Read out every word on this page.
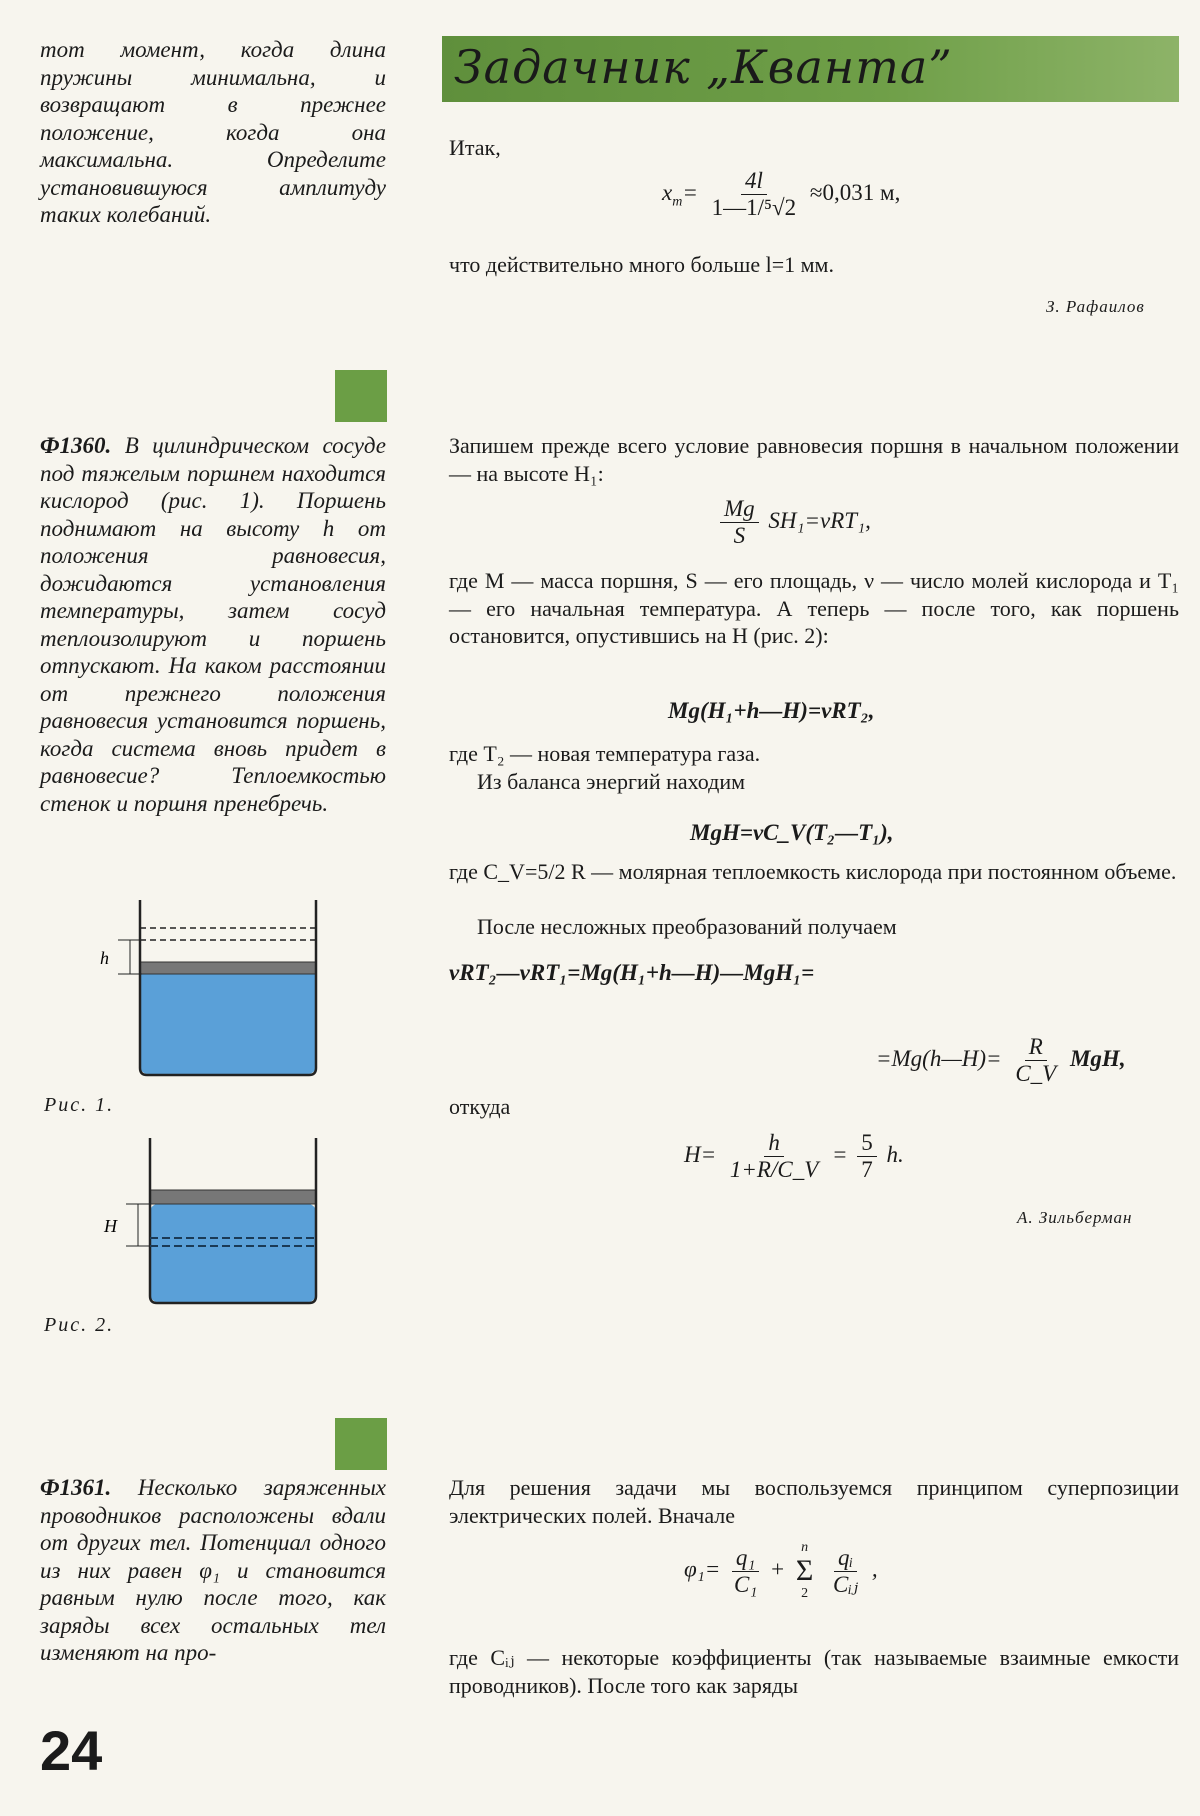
Задачник „Кванта”
тот момент, когда длина пружины минимальна, и возвращают в прежнее положение, когда она максимальна. Определите установившуюся амплитуду таких колебаний.
Итак,
$x_m= \frac{4l}{\text{1—1/⁵√2}} \approx 0,031$ м,
что действительно много больше l=1 мм.
З. Рафаилов
Ф1360. В цилиндрическом сосуде под тяжелым поршнем находится кислород (рис. 1). Поршень поднимают на высоту h от положения равновесия, дожидаются установления температуры, затем сосуд теплоизолируют и поршень отпускают. На каком расстоянии от прежнего положения равновесия установится поршень, когда система вновь придет в равновесие? Теплоемкостью стенок и поршня пренебречь.
Запишем прежде всего условие равновесия поршня в начальном положении — на высоте H₁:
$\frac{Mg}{S} SH_1=\nu RT_1$,
где M — масса поршня, S — его площадь, ν — число молей кислорода и T₁ — его начальная температура. А теперь — после того, как поршень остановится, опустившись на H (рис. 2):
Mg(H₁+h—H)=νRT₂,
где T₂ — новая температура газа.
Из баланса энергий находим
MgH=νC_V(T₂—T₁),
где C_V=5/2 R — молярная теплоемкость кислорода при постоянном объеме.
После несложных преобразований получаем
νRT₂—νRT₁=Mg(H₁+h—H)—MgH₁=
=Mg(h—H)= $\frac{R}{C\_V}$ MgH,
откуда
$H= \frac{h}{1+R/C\_V} = \frac{5}{7} h$.
А. Зильберман
h
Рис. 1.
H
Рис. 2.
Ф1361. Несколько заряженных проводников расположены вдали от других тел. Потенциал одного из них равен φ₁ и становится равным нулю после того, как заряды всех остальных тел изменяют на про-
Для решения задачи мы воспользуемся принципом суперпозиции электрических полей. Вначале
$\varphi_1= \frac{\text{q₁}}{\text{C₁}}$ +
n
Σ
2
$\frac{\text{qᵢ}}{\text{Cᵢⱼ}}$ ,
где Cᵢⱼ — некоторые коэффициенты (так называемые взаимные емкости проводников). После того как заряды
24
